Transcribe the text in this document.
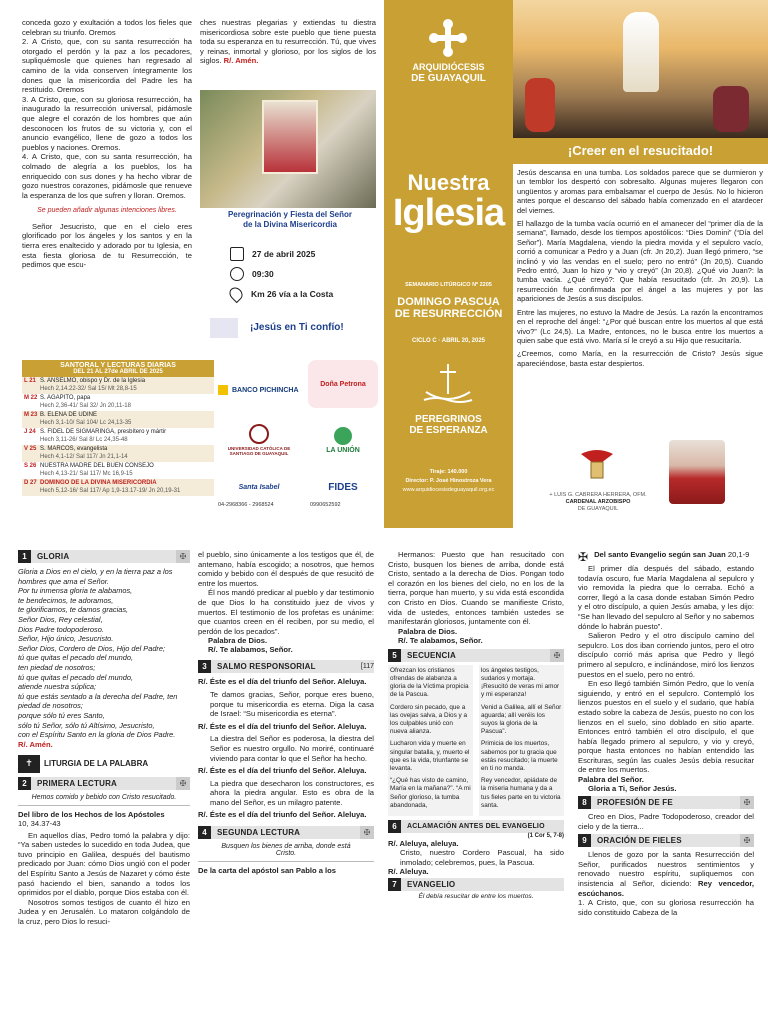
conceda gozo y exultación a todos los fieles que celebran su triunfo. Oremos
2. A Cristo, que, con su santa resurrección ha otorgado el perdón y la paz a los pecadores, supliquémosle que quienes han regresado al camino de la vida conserven íntegramente los dones que la misericordia del Padre les ha restituido. Oremos
3. A Cristo, que, con su gloriosa resurrección, ha inaugurado la resurrección universal, pidámosle que alegre el corazón de los hombres que aún desconocen los frutos de su victoria y, con el anuncio evangélico, llene de gozo a todos los pueblos y naciones. Oremos.
4. A Cristo, que, con su santa resurrección, ha colmado de alegría a los pueblos, los ha enriquecido con sus dones y ha hecho vibrar de gozo nuestros corazones, pidámosle que renueve la esperanza de los que sufren y lloran. Oremos.
Se pueden añadir algunas intenciones libres.
Señor Jesucristo, que en el cielo eres glorificado por los ángeles y los santos y en la tierra eres enaltecido y adorado por tu Iglesia, en esta fiesta gloriosa de tu Resurrección, te pedimos que escu-
ches nuestras plegarias y extiendas tu diestra misericordiosa sobre este pueblo que tiene puesta toda su esperanza en tu resurrección. Tú, que vives y reinas, inmortal y glorioso, por los siglos de los siglos. R/. Amén.
Peregrinación y Fiesta del Señor de la Divina Misericordia
27 de abril 2025
09:30
Km 26 vía a la Costa
¡Jesús en Ti confío!
SANTORAL Y LECTURAS DIARIAS
DEL 21 AL 27de ABRIL DE 2025
L 21 S. ANSELMO, obispo y Dr. de la Iglesia
Hech 2,14.22-32/ Sal 15/ Mt 28,8-15
M 22 S. AGAPITO, papa
Hech 2,36-41/ Sal 32/ Jn 20,11-18
M 23 B. ELENA DE UDINE
Hech 3,1-10/ Sal 104/ Lc 24,13-35
J 24 S. FIDEL DE SIGMARINGA, presbítero y mártir
Hech 3,11-26/ Sal 8/ Lc 24,35-48
V 25 S. MARCOS, evangelista
Hech 4,1-12/ Sal 117/ Jn 21,1-14
S 26 NUESTRA MADRE DEL BUEN CONSEJO
Hech 4,13-21/ Sal 117/ Mc 16,9-15
D 27 DOMINGO DE LA DIVINA MISERICORDIA
Hech 5,12-16/ Sal 117/ Ap 1,9-13.17-19/ Jn 20,19-31
BANCO PICHINCHA
Doña Petrona
UNIVERSIDAD CATÓLICA DE SANTIAGO DE GUAYAQUIL	LA UNIÓN
Santa Isabel	FIDES
04-2968366 - 2968524	0990652592
ARQUIDIÓCESIS
DE GUAYAQUIL
Nuestra
Iglesia
SEMANARIO LITÚRGICO Nº 2205
DOMINGO PASCUA
DE RESURRECCIÓN
CICLO C · ABRIL 20, 2025
PEREGRINOS
DE ESPERANZA
Tiraje: 140.000
Director: P. José Hinostroza Vera
www.arquidiocesisdeguayaquil.org.ec
¡Creer en el resucitado!

Jesús descansa en una tumba. Los soldados parece que se durmieron y un temblor los despertó con sobresalto. Algunas mujeres llegaron con ungüentos y aromas para embalsamar el cuerpo de Jesús. No lo hicieron antes porque el descanso del sábado había comenzado en el atardecer del viernes.

El hallazgo de la tumba vacía ocurrió en el amanecer del “primer día de la semana”, llamado, desde los tiempos apostólicos: “Dies Domini” (“Día del Señor”). María Magdalena, viendo la piedra movida y el sepulcro vacío, corrió a comunicar a Pedro y a Juan (cfr. Jn 20,2). Juan llegó primero, “se inclinó y vio las vendas en el suelo; pero no entró” (Jn 20,5). Cuando Pedro entró, Juan lo hizo y “vio y creyó” (Jn 20,8). ¿Qué vio Juan?: la tumba vacía. ¿Qué creyó?: Que había resucitado (cfr. Jn 20,9). La resurrección fue confirmada por el ángel a las mujeres y por las apariciones de Jesús a sus discípulos.

Entre las mujeres, no estuvo la Madre de Jesús. La razón la encontramos en el reproche del ángel: “¿Por qué buscan entre los muertos al que está vivo?” (Lc 24,5). La Madre, entonces, no le busca entre los muertos a quien sabe que está vivo. María sí le creyó a su Hijo que resucitaría.

¿Creemos, como María, en la resurrección de Cristo? Jesús sigue apareciéndose, basta estar despiertos.

+ LUIS G. CABRERA HERRERA, OFM.
CARDENAL ARZOBISPO
DE GUAYAQUIL
1	GLORIA	✠
Gloria a Dios en el cielo, y en la tierra paz a los hombres que ama el Señor.
Por tu inmensa gloria te alabamos,
te bendecimos, te adoramos,
te glorificamos, te damos gracias,
Señor Dios, Rey celestial,
Dios Padre todopoderoso.
Señor, Hijo único, Jesucristo.
Señor Dios, Cordero de Dios, Hijo del Padre;
tú que quitas el pecado del mundo,
ten piedad de nosotros;
tú que quitas el pecado del mundo,
atiende nuestra súplica;
tú que estás sentado a la derecha del Padre, ten piedad de nosotros;
porque sólo tú eres Santo,
sólo tú Señor, sólo tú Altísimo, Jesucristo,
con el Espíritu Santo en la gloria de Dios Padre.
R/. Amén.
✝	LITURGIA DE LA PALABRA
2	PRIMERA LECTURA	✠
Hemos comido y bebido con Cristo resucitado.
Del libro de los Hechos de los Apóstoles
10, 34.37-43
En aquellos días, Pedro tomó la palabra y dijo: “Ya saben ustedes lo sucedido en toda Judea, que tuvo principio en Galilea, después del bautismo predicado por Juan: cómo Dios ungió con el poder del Espíritu Santo a Jesús de Nazaret y cómo éste pasó haciendo el bien, sanando a todos los oprimidos por el diablo, porque Dios estaba con él.
Nosotros somos testigos de cuanto él hizo en Judea y en Jerusalén. Lo mataron colgándolo de la cruz, pero Dios lo resuci-
el pueblo, sino únicamente a los testigos que él, de antemano, había escogido; a nosotros, que hemos comido y bebido con él después de que resucitó de entre los muertos.
Él nos mandó predicar al pueblo y dar testimonio de que Dios lo ha constituido juez de vivos y muertos. El testimonio de los profetas es unánime: que cuantos creen en él reciben, por su medio, el perdón de los pecados”.
Palabra de Dios.
R/. Te alabamos, Señor.
3	SALMO RESPONSORIAL	[117
R/. Éste es el día del triunfo del Señor. Aleluya.
Te damos gracias, Señor, porque eres bueno, porque tu misericordia es eterna. Diga la casa de Israel: “Su misericordia es eterna”.
R/. Éste es el día del triunfo del Señor. Aleluya.
La diestra del Señor es poderosa, la diestra del Señor es nuestro orgullo. No moriré, continuaré viviendo para contar lo que el Señor ha hecho.
R/. Éste es el día del triunfo del Señor. Aleluya.
La piedra que desecharon los constructores, es ahora la piedra angular. Esto es obra de la mano del Señor, es un milagro patente.
R/. Éste es el día del triunfo del Señor. Aleluya.
4	SEGUNDA LECTURA	✠
Busquen los bienes de arriba, donde está Cristo.
De la carta del apóstol san Pablo a los
Hermanos: Puesto que han resucitado con Cristo, busquen los bienes de arriba, donde está Cristo, sentado a la derecha de Dios. Pongan todo el corazón en los bienes del cielo, no en los de la tierra, porque han muerto, y su vida está escondida con Cristo en Dios. Cuando se manifieste Cristo, vida de ustedes, entonces también ustedes se manifestarán gloriosos, juntamente con él.
Palabra de Dios.
R/. Te alabamos, Señor.
5	SECUENCIA	✠
Ofrezcan los cristianos ofrendas de alabanza a gloria de la Víctima propicia de la Pascua.
Cordero sin pecado, que a las ovejas salva, a Dios y a los culpables unió con nueva alianza.
Lucharon vida y muerte en singular batalla, y, muerto el que es la vida, triunfante se levanta.
“¿Qué has visto de camino, María en la mañana?”. “A mi Señor glorioso, la tumba abandonada,
los ángeles testigos, sudarios y mortaja. ¡Resucitó de veras mi amor y mi esperanza!
Venid a Galilea, allí el Señor aguarda; allí veréis los suyos la gloria de la Pascua”.
Primicia de los muertos, sabemos por tu gracia que estás resucitado; la muerte en ti no manda.
Rey vencedor, apiádate de la miseria humana y da a tus fieles parte en tu victoria santa.
6	ACLAMACIÓN ANTES DEL EVANGELIO
(1 Cor 5, 7-8)
R/. Aleluya, aleluya.
Cristo, nuestro Cordero Pascual, ha sido inmolado; celebremos, pues, la Pascua.
R/. Aleluya.
7	EVANGELIO
Él debía resucitar de entre los muertos.
✠ Del santo Evangelio según san Juan 20,1-9
El primer día después del sábado, estando todavía oscuro, fue María Magdalena al sepulcro y vio removida la piedra que lo cerraba. Echó a correr, llegó a la casa donde estaban Simón Pedro y el otro discípulo, a quien Jesús amaba, y les dijo: “Se han llevado del sepulcro al Señor y no sabemos dónde lo habrán puesto”.
Salieron Pedro y el otro discípulo camino del sepulcro. Los dos iban corriendo juntos, pero el otro discípulo corrió más aprisa que Pedro y llegó primero al sepulcro, e inclinándose, miró los lienzos puestos en el suelo, pero no entró.
En eso llegó también Simón Pedro, que lo venía siguiendo, y entró en el sepulcro. Contempló los lienzos puestos en el suelo y el sudario, que había estado sobre la cabeza de Jesús, puesto no con los lienzos en el suelo, sino doblado en sitio aparte. Entonces entró también el otro discípulo, el que había llegado primero al sepulcro, y vio y creyó, porque hasta entonces no habían entendido las Escrituras, según las cuales Jesús debía resucitar de entre los muertos.
Palabra del Señor.
Gloria a Ti, Señor Jesús.
8	PROFESIÓN DE FE	✠
Creo en Dios, Padre Todopoderoso, creador del cielo y de la tierra...
9	ORACIÓN DE FIELES	✠
Llenos de gozo por la santa Resurrección del Señor, purificados nuestros sentimientos y renovado nuestro espíritu, supliquemos con insistencia al Señor, diciendo: Rey vencedor, escúchanos.
1. A Cristo, que, con su gloriosa resurrección ha sido constituido Cabeza de la
